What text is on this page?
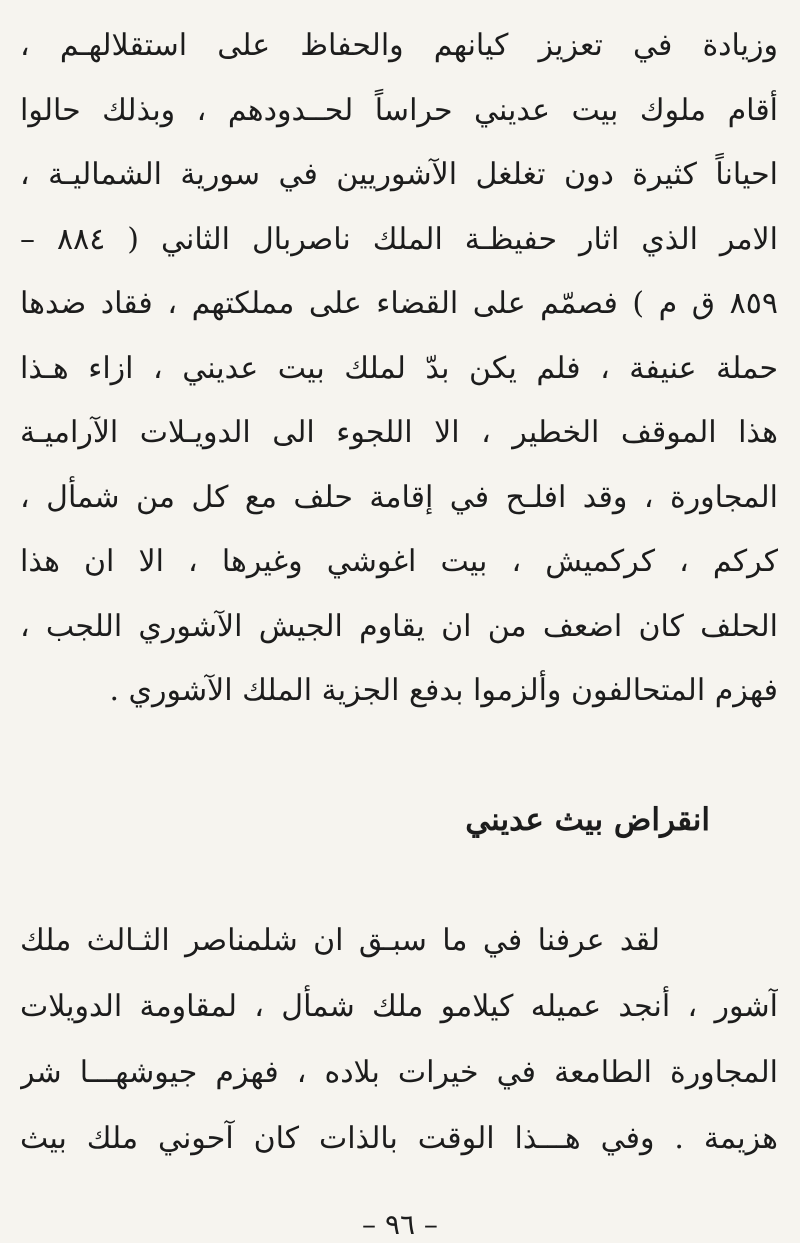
وزيادة في تعزيز كيانهم والحفاظ على استقلالهـم ،
أقام ملوك بيت عديني حراساً لحــدودهم ، وبذلك حالوا
احياناً كثيرة دون تغلغل الآشوريين في سورية الشماليـة ،
الامر الذي اثار حفيظـة الملك ناصربال الثاني ( ٨٨٤ –
٨٥٩ ق م ) فصمّم على القضاء على مملكتهم ، فقاد ضدها
حملة عنيفة ، فلم يكن بدّ لملك بيت عديني ، ازاء هـذا
هذا الموقف الخطير ، الا اللجوء الى الدويـلات الآراميـة
المجاورة ، وقد افلـح في إقامة حلف مع كل من شمأل ،
كركم ، كركميش ، بيت اغوشي وغيرها ، الا ان هذا
الحلف كان اضعف من ان يقاوم الجيش الآشوري اللجب ،
فهزم المتحالفون وألزموا بدفع الجزية الملك الآشوري .
انقراض بيث عديني
لقد عرفنا في ما سبـق ان شلمناصر الثـالث ملك
آشور ، أنجد عميله كيلامو ملك شمأل ، لمقاومة الدويلات
المجاورة الطامعة في خيرات بلاده ، فهزم جيوشهـــا شر
هزيمة . وفي هـــذا الوقت بالذات كان آحوني ملك بيث

– ٩٦ –
